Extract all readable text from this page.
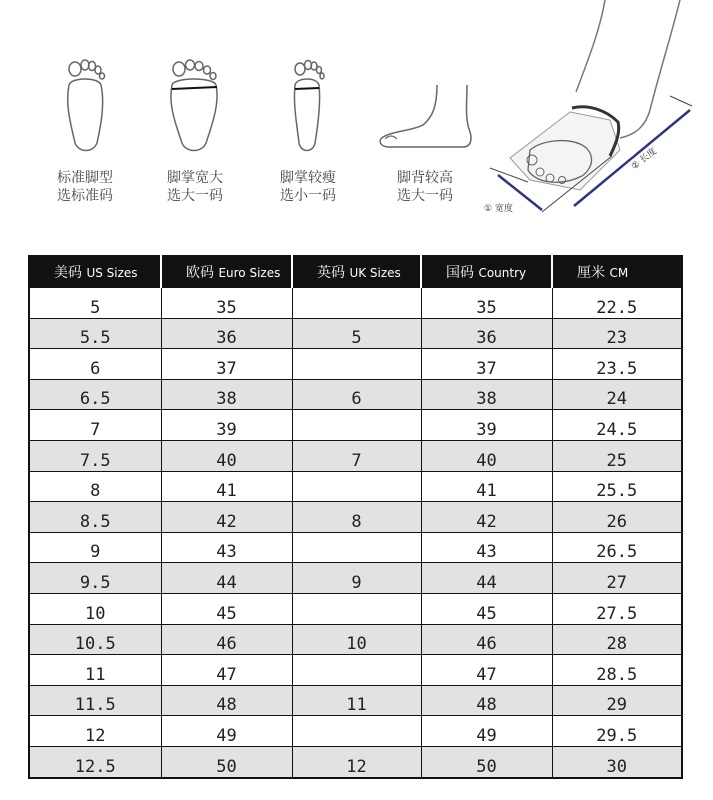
标准脚型
选标准码
脚掌宽大
选大一码
脚掌较瘦
选小一码
脚背较高
选大一码
① 宽度
② 长度
美码 US Sizes	欧码 Euro Sizes	英码 UK Sizes	国码 Country	厘米 CM
5	35		35	22.5
5.5	36	5	36	23
6	37		37	23.5
6.5	38	6	38	24
7	39		39	24.5
7.5	40	7	40	25
8	41		41	25.5
8.5	42	8	42	26
9	43		43	26.5
9.5	44	9	44	27
10	45		45	27.5
10.5	46	10	46	28
11	47		47	28.5
11.5	48	11	48	29
12	49		49	29.5
12.5	50	12	50	30
